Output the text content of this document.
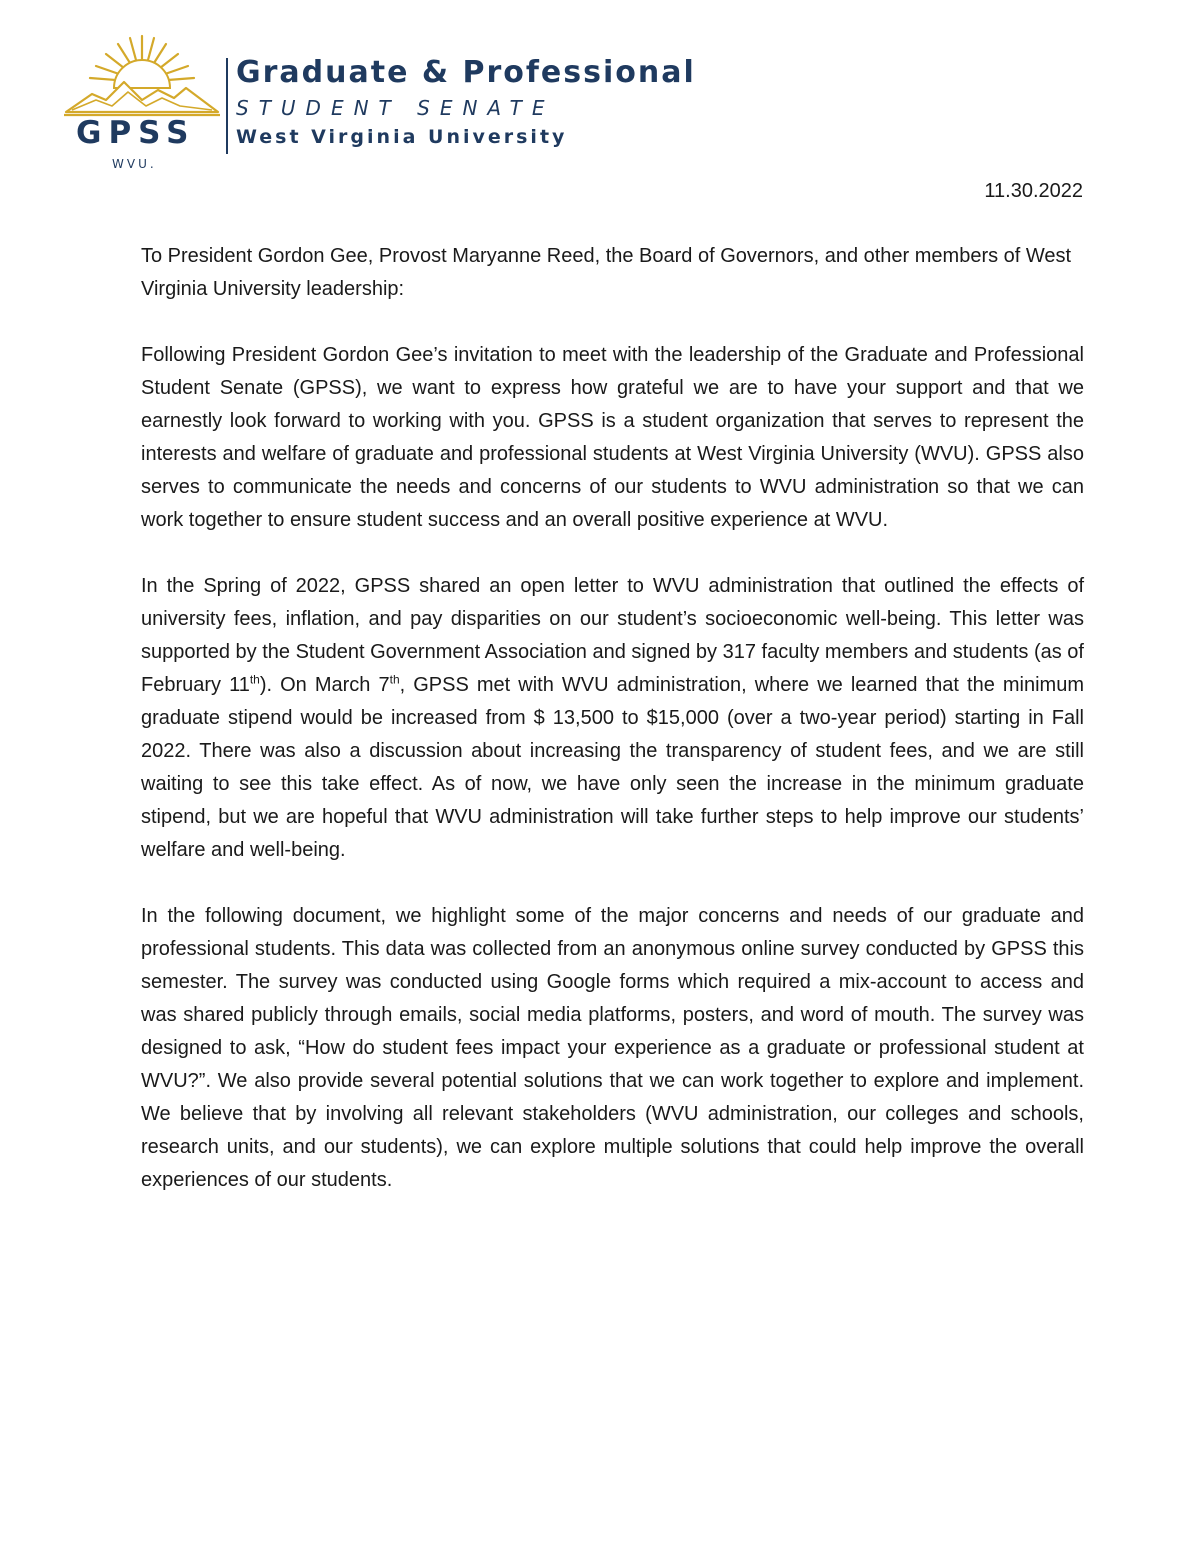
GPSS
WVU.
Graduate & Professional
STUDENT SENATE
West Virginia University
11.30.2022

To President Gordon Gee, Provost Maryanne Reed, the Board of Governors, and other members of West Virginia University leadership:

Following President Gordon Gee’s invitation to meet with the leadership of the Graduate and Professional Student Senate (GPSS), we want to express how grateful we are to have your support and that we earnestly look forward to working with you. GPSS is a student organization that serves to represent the interests and welfare of graduate and professional students at West Virginia University (WVU). GPSS also serves to communicate the needs and concerns of our students to WVU administration so that we can work together to ensure student success and an overall positive experience at WVU.

In the Spring of 2022, GPSS shared an open letter to WVU administration that outlined the effects of university fees, inflation, and pay disparities on our student’s socioeconomic well-being. This letter was supported by the Student Government Association and signed by 317 faculty members and students (as of February 11th). On March 7th, GPSS met with WVU administration, where we learned that the minimum graduate stipend would be increased from $ 13,500 to $15,000 (over a two-year period) starting in Fall 2022. There was also a discussion about increasing the transparency of student fees, and we are still waiting to see this take effect. As of now, we have only seen the increase in the minimum graduate stipend, but we are hopeful that WVU administration will take further steps to help improve our students’ welfare and well-being.

In the following document, we highlight some of the major concerns and needs of our graduate and professional students. This data was collected from an anonymous online survey conducted by GPSS this semester. The survey was conducted using Google forms which required a mix-account to access and was shared publicly through emails, social media platforms, posters, and word of mouth. The survey was designed to ask, “How do student fees impact your experience as a graduate or professional student at WVU?”. We also provide several potential solutions that we can work together to explore and implement. We believe that by involving all relevant stakeholders (WVU administration, our colleges and schools, research units, and our students), we can explore multiple solutions that could help improve the overall experiences of our students.
